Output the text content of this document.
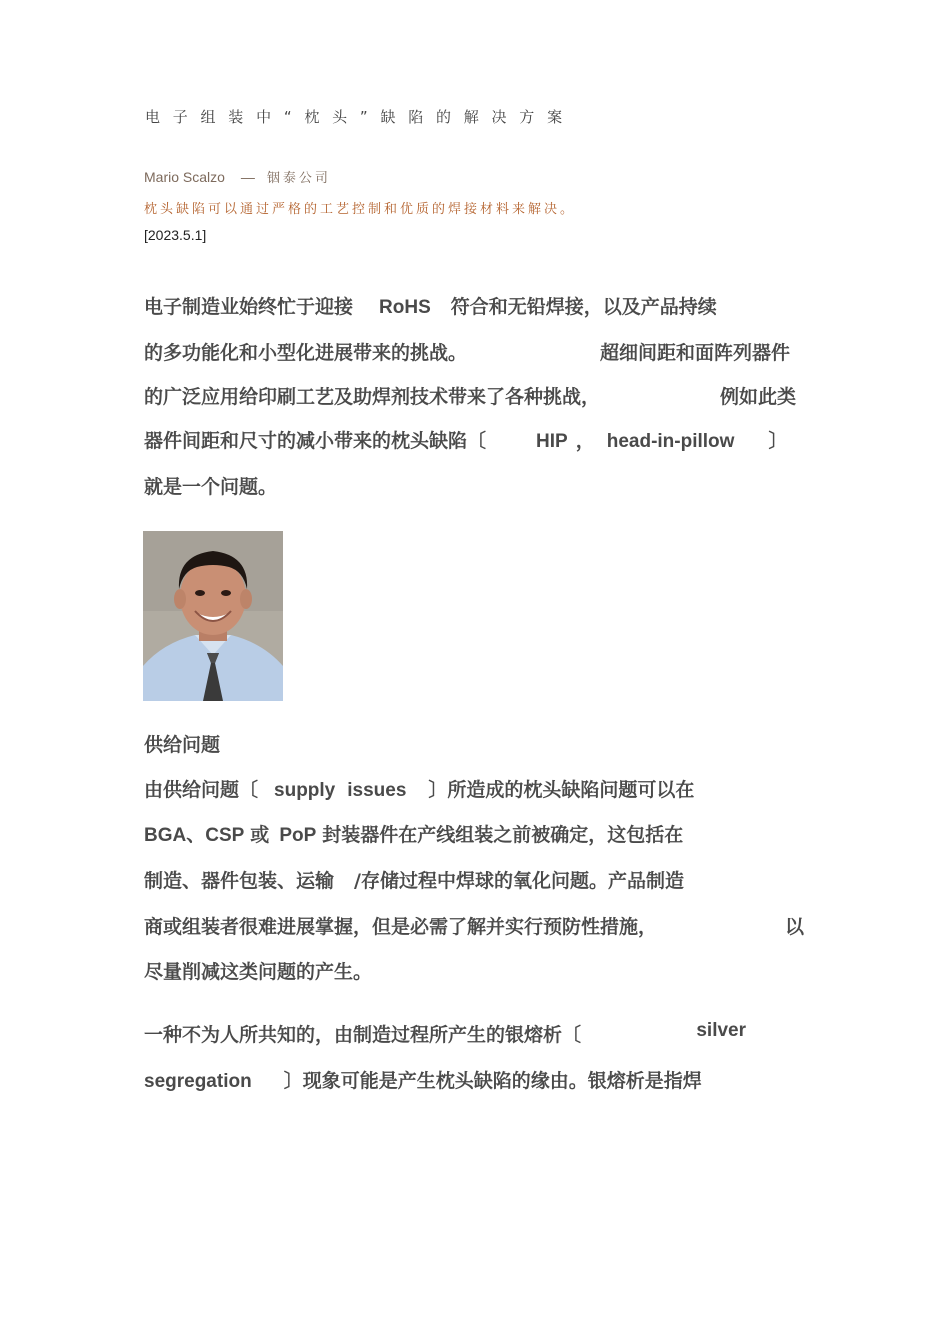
电 子 组 装 中 “ 枕 头 ” 缺 陷 的 解 决 方 案
Mario Scalzo — 铟泰公司
枕头缺陷可以通过严格的工艺控制和优质的焊接材料来解决。
[2023.5.1]
电子制造业始终忙于迎接 RoHS 符合和无铅焊接，以及产品持续
的多功能化和小型化进展带来的挑战。	超细间距和面阵列器件
的广泛应用给印刷工艺及助焊剂技术带来了各种挑战，	例如此类
器件间距和尺寸的减小带来的枕头缺陷〔	HIP ， head-in-pillow 〕
就是一个问题。
供给问题
由供给问题〔 supply issues 〕所造成的枕头缺陷问题可以在
BGA、CSP 或 PoP 封装器件在产线组装之前被确定，这包括在
制造、器件包装、运输 /存储过程中焊球的氧化问题。产品制造
商或组装者很难进展掌握，但是必需了解并实行预防性措施，	以
尽量削减这类问题的产生。
一种不为人所共知的，由制造过程所产生的银熔析〔	silver
segregation 〕现象可能是产生枕头缺陷的缘由。银熔析是指焊
